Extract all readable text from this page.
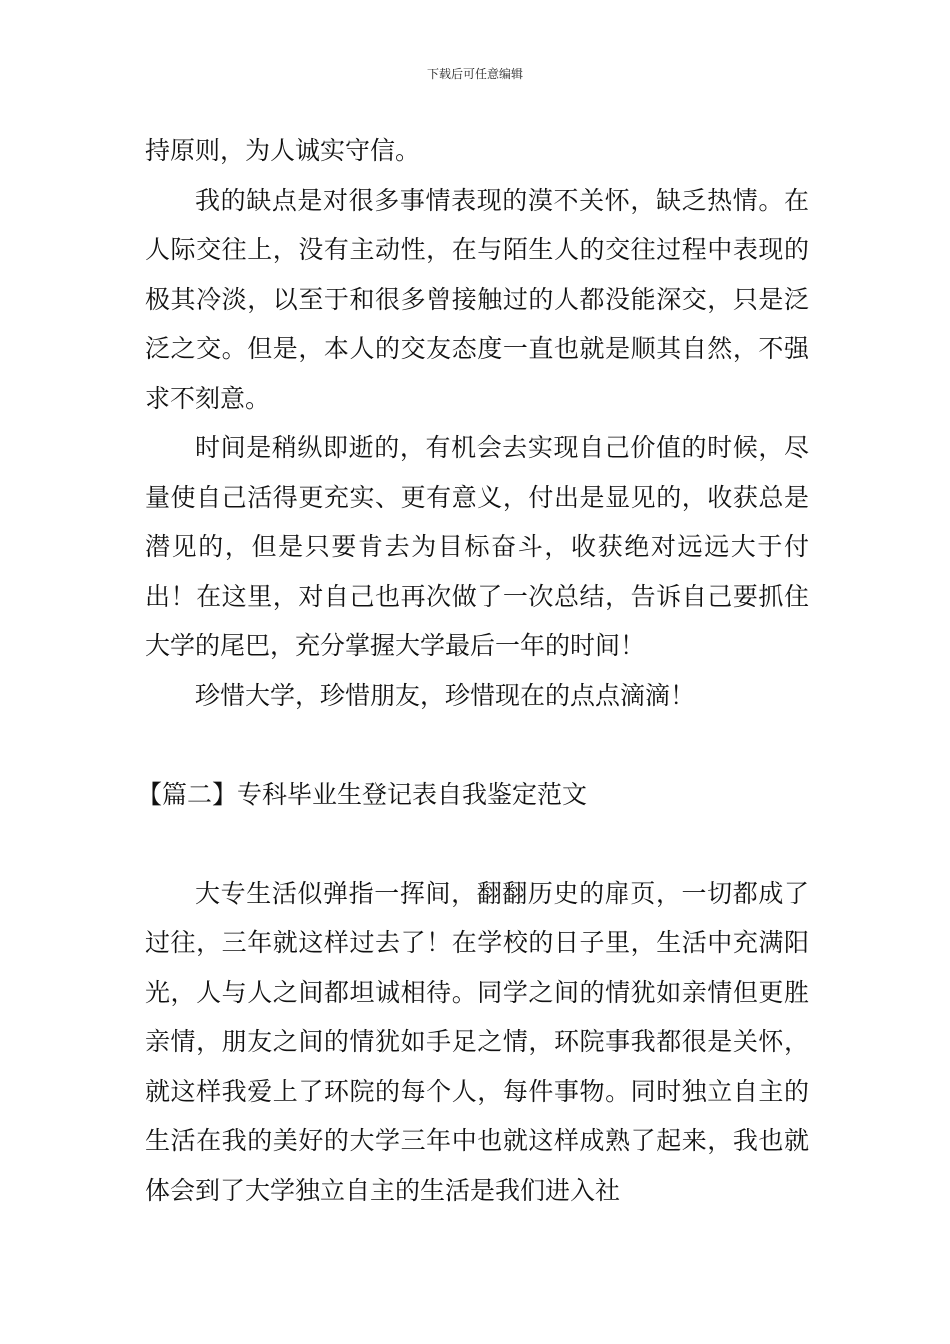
下载后可任意编辑

持原则，为人诚实守信。

我的缺点是对很多事情表现的漠不关怀，缺乏热情。在人际交往上，没有主动性，在与陌生人的交往过程中表现的极其冷淡，以至于和很多曾接触过的人都没能深交，只是泛泛之交。但是，本人的交友态度一直也就是顺其自然，不强求不刻意。

时间是稍纵即逝的，有机会去实现自己价值的时候，尽量使自己活得更充实、更有意义，付出是显见的，收获总是潜见的，但是只要肯去为目标奋斗，收获绝对远远大于付出！在这里，对自己也再次做了一次总结，告诉自己要抓住大学的尾巴，充分掌握大学最后一年的时间！

珍惜大学，珍惜朋友，珍惜现在的点点滴滴！

【篇二】专科毕业生登记表自我鉴定范文

大专生活似弹指一挥间，翻翻历史的扉页，一切都成了过往，三年就这样过去了！在学校的日子里，生活中充满阳光，人与人之间都坦诚相待。同学之间的情犹如亲情但更胜亲情，朋友之间的情犹如手足之情，环院事我都很是关怀，就这样我爱上了环院的每个人，每件事物。同时独立自主的生活在我的美好的大学三年中也就这样成熟了起来，我也就体会到了大学独立自主的生活是我们进入社
